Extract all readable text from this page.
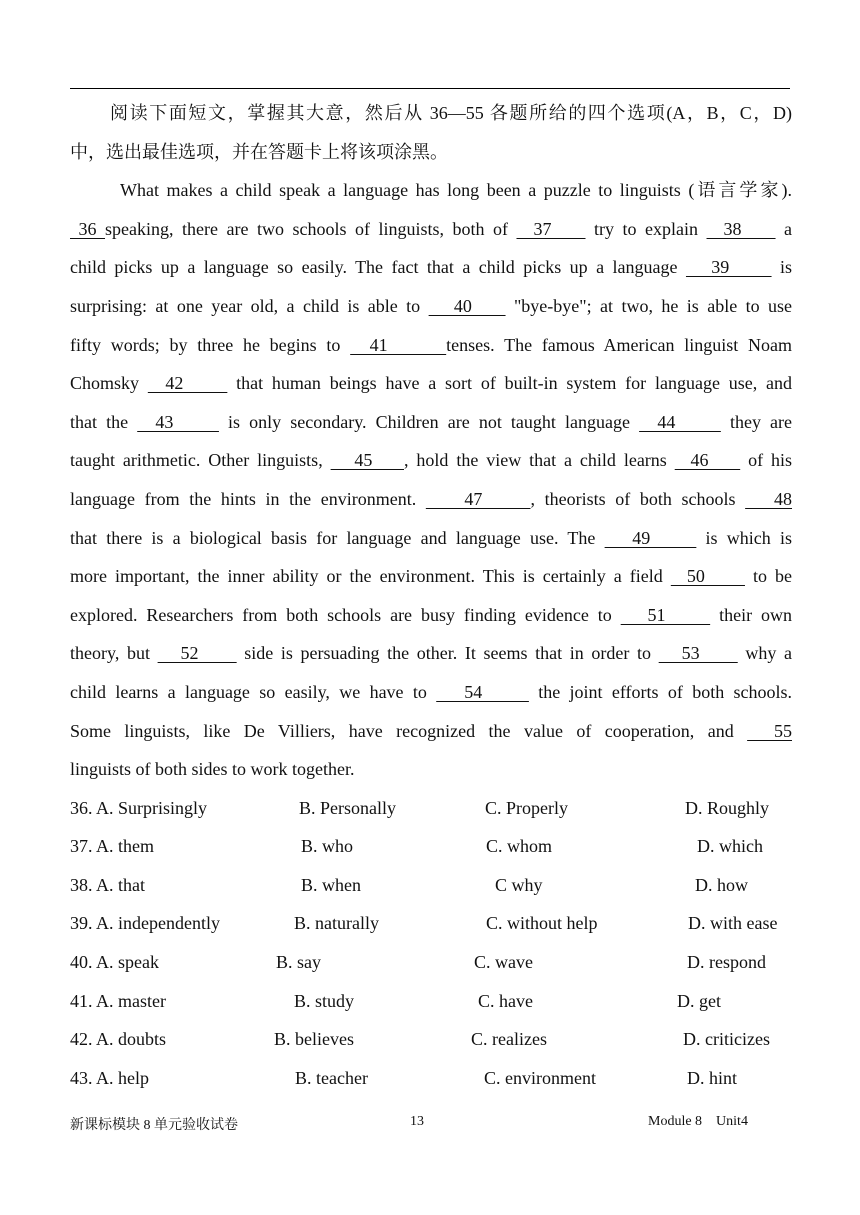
阅读下面短文，掌握其大意，然后从 36—55 各题所给的四个选项(A，B，C，D)
中，选出最佳选项，并在答题卡上将该项涂黑。
What makes a child speak a language has long been a puzzle to linguists (语言学家).
36 speaking, there are two schools of linguists, both of   37     try to explain   38     a
child picks up a language so easily. The fact that a child picks up a language    39      is
surprising: at one year old, a child is able to    40     "bye-bye"; at two, he is able to use
fifty words; by three he begins to   41      tenses. The famous American linguist Noam
Chomsky   42      that human beings have a sort of built-in system for language use, and
that the   43      is only secondary. Children are not taught language   44      they are
taught arithmetic. Other linguists,    45    , hold the view that a child learns   46     of his
language from the hints in the environment.     47     , theorists of both schools    48
that there is a biological basis for language and language use. The    49      is which is
more important, the inner ability or the environment. This is certainly a field   50      to be
explored. Researchers from both schools are busy finding evidence to    51      their own
theory, but    52      side is persuading the other. It seems that in order to    53      why a
child learns a language so easily, we have to    54      the joint efforts of both schools.
Some linguists, like De Villiers, have recognized the value of cooperation, and   55
linguists of both sides to work together.
36. A. Surprisingly	B. Personally	C. Properly	D. Roughly
37. A. them	B. who	C. whom	D. which
38. A. that	B. when	C why	D. how
39. A. independently	B. naturally	C. without help	D. with ease
40. A. speak	B. say	C. wave	D. respond
41. A. master	B. study	C. have	D. get
42. A. doubts	B. believes	C. realizes	D. criticizes
43. A. help	B. teacher	C. environment	D. hint
新课标模块 8 单元验收试卷	13	Module 8    Unit4
